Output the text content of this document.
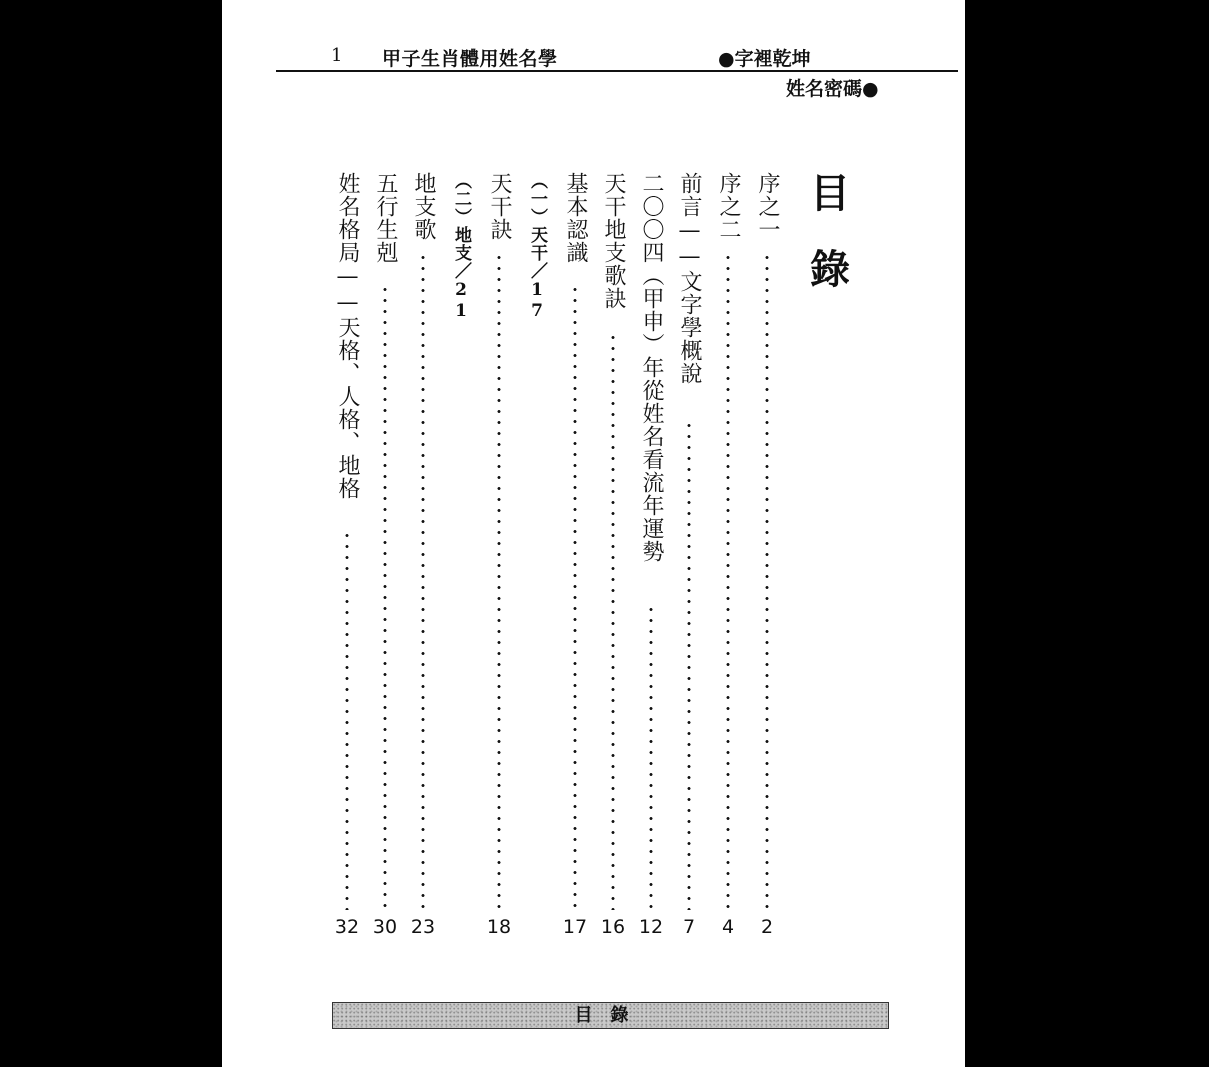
1 甲子生肖體用姓名學	●字裡乾坤
姓名密碼●
目
錄
序之一
2
序之二
4
前言——文字學概說
7
二〇〇四（甲申）年從姓名看流年運勢
12
天干地支歌訣
16
基本認識
17
（一）天干／17
天干訣
18
（二）地支／21
地支歌
23
五行生剋
30
姓名格局——天格、人格、地格
32
目錄
